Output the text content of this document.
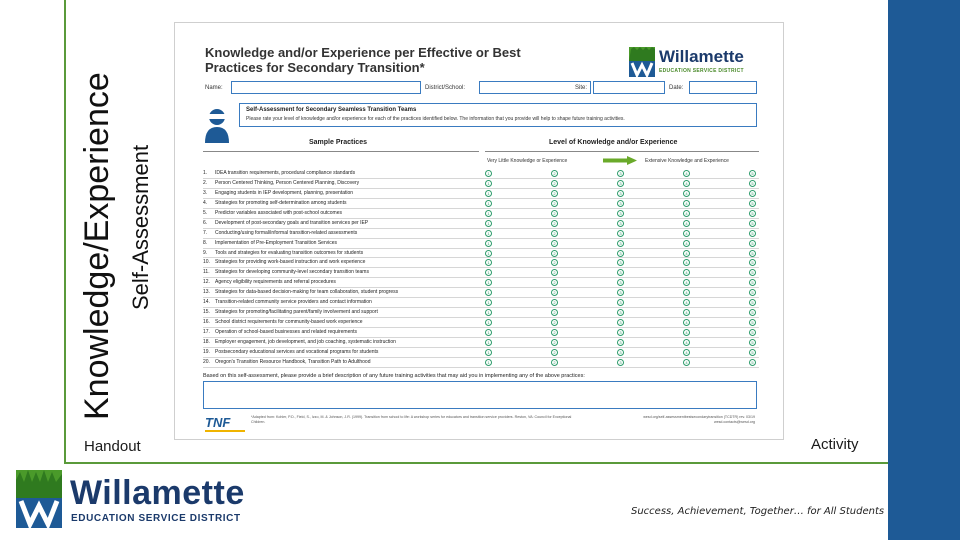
Knowledge/Experience Self-Assessment
Knowledge and/or Experience per Effective or Best Practices for Secondary Transition*
Willamette
EDUCATION SERVICE DISTRICT
Name:	District/School:	Site:	Date:
Self-Assessment for Secondary Seamless Transition Teams
Please rate your level of knowledge and/or experience for each of the practices identified below. The information that you provide will help to shape future training activities.
Sample Practices	Level of Knowledge and/or Experience
Very Little Knowledge or Experience	Extensive Knowledge and Experience
1.	IDEA transition requirements, procedural compliance standards	1	2	3	4	5
2.	Person Centered Thinking, Person Centered Planning, Discovery	1	2	3	4	5
3.	Engaging students in IEP development, planning, presentation	1	2	3	4	5
4.	Strategies for promoting self-determination among students	1	2	3	4	5
5.	Predictor variables associated with post-school outcomes	1	2	3	4	5
6.	Development of post-secondary goals and transition services per IEP	1	2	3	4	5
7.	Conducting/using formal/informal transition-related assessments	1	2	3	4	5
8.	Implementation of Pre-Employment Transition Services	1	2	3	4	5
9.	Tools and strategies for evaluating transition outcomes for students	1	2	3	4	5
10.	Strategies for providing work-based instruction and work experience	1	2	3	4	5
11.	Strategies for developing community-level secondary transition teams	1	2	3	4	5
12.	Agency eligibility requirements and referral procedures	1	2	3	4	5
13.	Strategies for data-based decision-making for team collaboration, student progress	1	2	3	4	5
14.	Transition-related community service providers and contact information	1	2	3	4	5
15.	Strategies for promoting/facilitating parent/family involvement and support	1	2	3	4	5
16.	School district requirements for community-based work experience	1	2	3	4	5
17.	Operation of school-based businesses and related requirements	1	2	3	4	5
18.	Employer engagement, job development, and job coaching, systematic instruction	1	2	3	4	5
19.	Postsecondary educational services and vocational programs for students	1	2	3	4	5
20.	Oregon's Transition Resource Handbook, Transition Path to Adulthood	1	2	3	4	5
Based on this self-assessment, please provide a brief description of any future training activities that may aid you in implementing any of the above practices:
TNF	*Adapted from: Kohler, P.D., Field, S., Izzo, M. & Johnson, J.R. (1999). Transition from school to life: A workshop series for educators and transition service providers. Reston, VA: Council for Exceptional Children.
wesd.org/self-assessmentbestsecondarytransition (TCDTR) rev. 03/19 wesd.contacts@wesd.org
Handout	Activity
Willamette
EDUCATION SERVICE DISTRICT
Success, Achievement, Together… for All Students
